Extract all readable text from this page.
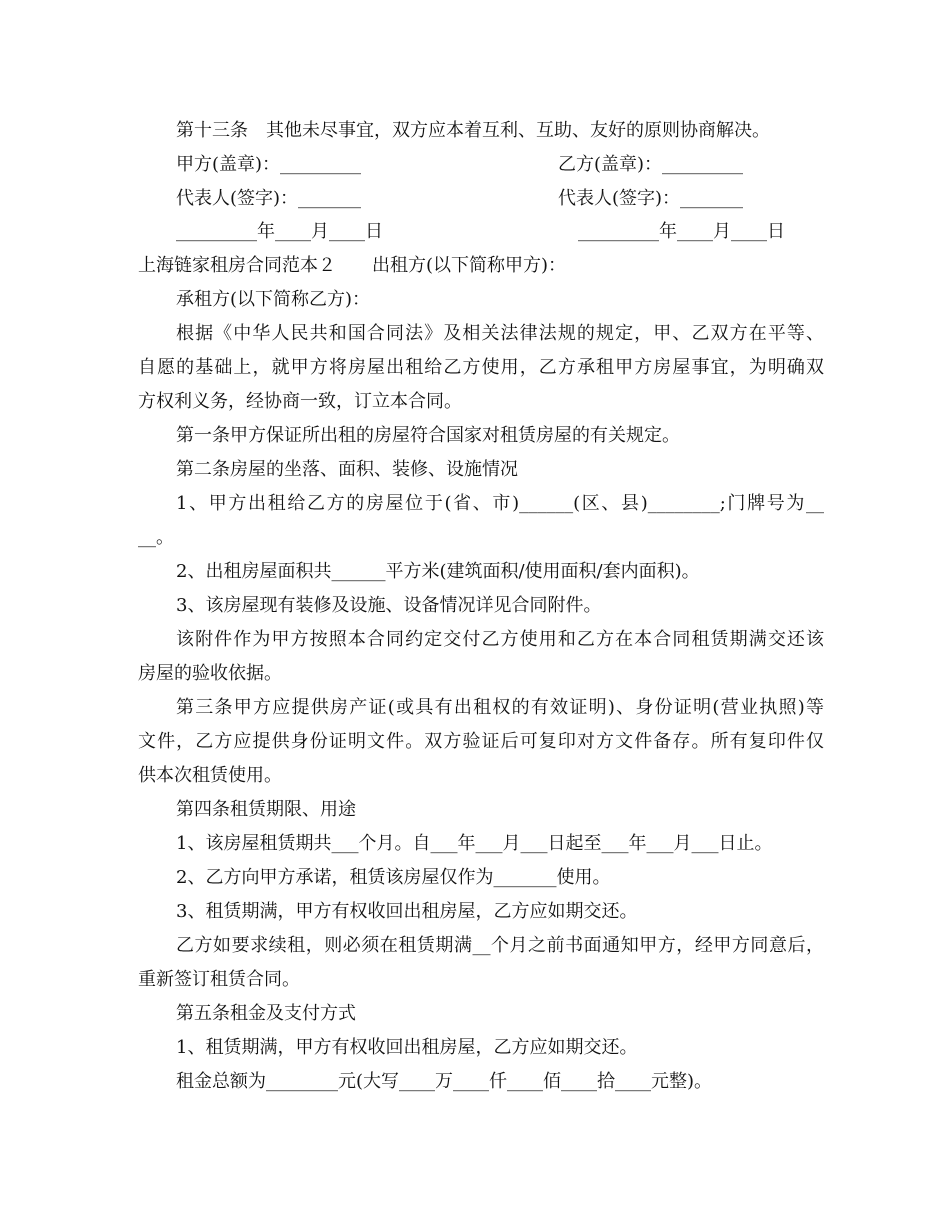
第十三条　其他未尽事宜，双方应本着互利、互助、友好的原则协商解决。
甲方(盖章)：_________	乙方(盖章)：_________
代表人(签字)：_______	代表人(签字)：_______
_________年____月____日	_________年____月____日
上海链家租房合同范本２　　出租方(以下简称甲方)：
承租方(以下简称乙方)：
根据《中华人民共和国合同法》及相关法律法规的规定，甲、乙双方在平等、
自愿的基础上，就甲方将房屋出租给乙方使用，乙方承租甲方房屋事宜，为明确双
方权利义务，经协商一致，订立本合同。
第一条甲方保证所出租的房屋符合国家对租赁房屋的有关规定。
第二条房屋的坐落、面积、装修、设施情况
1、甲方出租给乙方的房屋位于(省、市)______(区、县)________;门牌号为__
__。
2、出租房屋面积共______平方米(建筑面积/使用面积/套内面积)。
3、该房屋现有装修及设施、设备情况详见合同附件。
该附件作为甲方按照本合同约定交付乙方使用和乙方在本合同租赁期满交还该
房屋的验收依据。
第三条甲方应提供房产证(或具有出租权的有效证明)、身份证明(营业执照)等
文件，乙方应提供身份证明文件。双方验证后可复印对方文件备存。所有复印件仅
供本次租赁使用。
第四条租赁期限、用途
1、该房屋租赁期共___个月。自___年___月___日起至___年___月___日止。
2、乙方向甲方承诺，租赁该房屋仅作为_______使用。
3、租赁期满，甲方有权收回出租房屋，乙方应如期交还。
乙方如要求续租，则必须在租赁期满__个月之前书面通知甲方，经甲方同意后，
重新签订租赁合同。
第五条租金及支付方式
1、租赁期满，甲方有权收回出租房屋，乙方应如期交还。
租金总额为________元(大写____万____仟____佰____拾____元整)。
